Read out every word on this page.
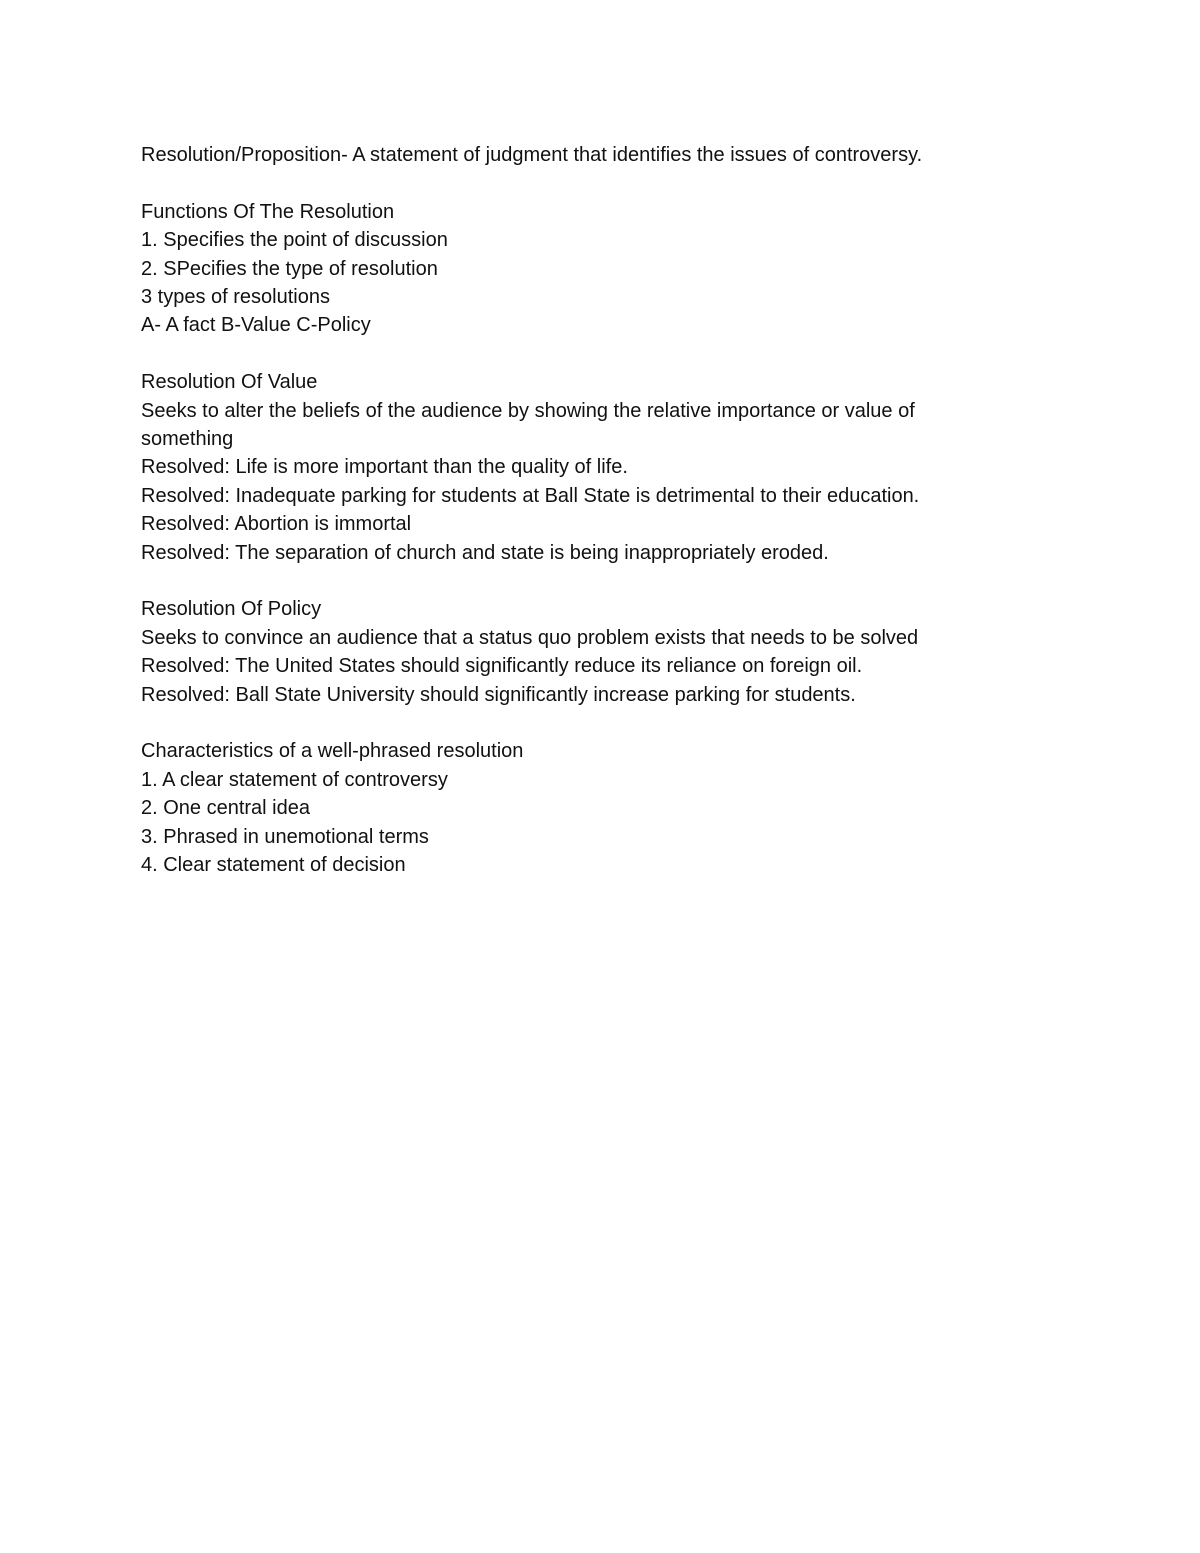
Resolution/Proposition- A statement of judgment that identifies the issues of controversy.

Functions Of The Resolution

1. Specifies the point of discussion

2. SPecifies the type of resolution

3 types of resolutions

A- A fact B-Value C-Policy

Resolution Of Value

Seeks to alter the beliefs of the audience by showing the relative importance or value of something

Resolved: Life is more important than the quality of life.

Resolved: Inadequate parking for students at Ball State is detrimental to their education.

Resolved: Abortion is immortal

Resolved: The separation of church and state is being inappropriately eroded.

Resolution Of Policy

Seeks to convince an audience that a status quo problem exists that needs to be solved

Resolved: The United States should significantly reduce its reliance on foreign oil.

Resolved: Ball State University should significantly increase parking for students.

Characteristics of a well-phrased resolution

1. A clear statement of controversy

2. One central idea

3. Phrased in unemotional terms

4. Clear statement of decision
